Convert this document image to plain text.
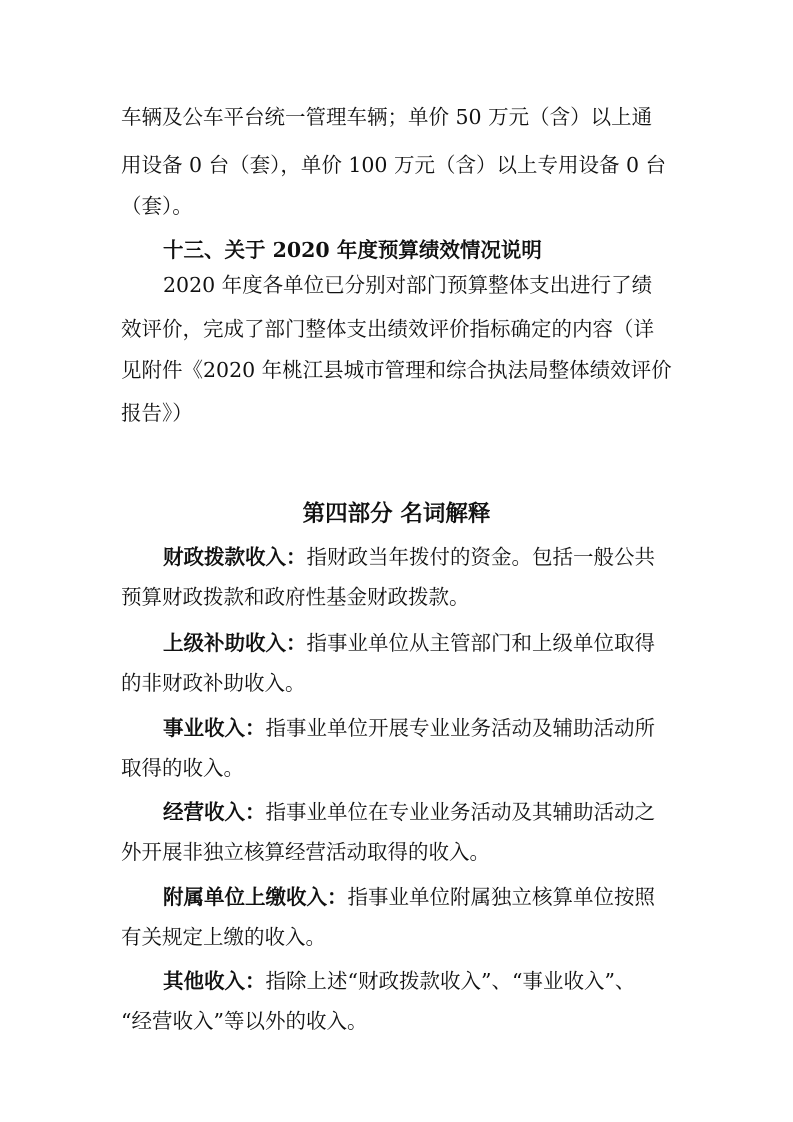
车辆及公车平台统一管理车辆；单价 50 万元（含）以上通

用设备 0 台（套），单价 100 万元（含）以上专用设备 0 台

（套）。

十三、关于 2020 年度预算绩效情况说明

2020 年度各单位已分别对部门预算整体支出进行了绩

效评价，完成了部门整体支出绩效评价指标确定的内容（详

见附件《2020 年桃江县城市管理和综合执法局整体绩效评价

报告》）

第四部分 名词解释

财政拨款收入：指财政当年拨付的资金。包括一般公共

预算财政拨款和政府性基金财政拨款。

上级补助收入：指事业单位从主管部门和上级单位取得

的非财政补助收入。

事业收入：指事业单位开展专业业务活动及辅助活动所

取得的收入。

经营收入：指事业单位在专业业务活动及其辅助活动之

外开展非独立核算经营活动取得的收入。

附属单位上缴收入：指事业单位附属独立核算单位按照

有关规定上缴的收入。

其他收入：指除上述“财政拨款收入”、“事业收入”、

“经营收入”等以外的收入。
